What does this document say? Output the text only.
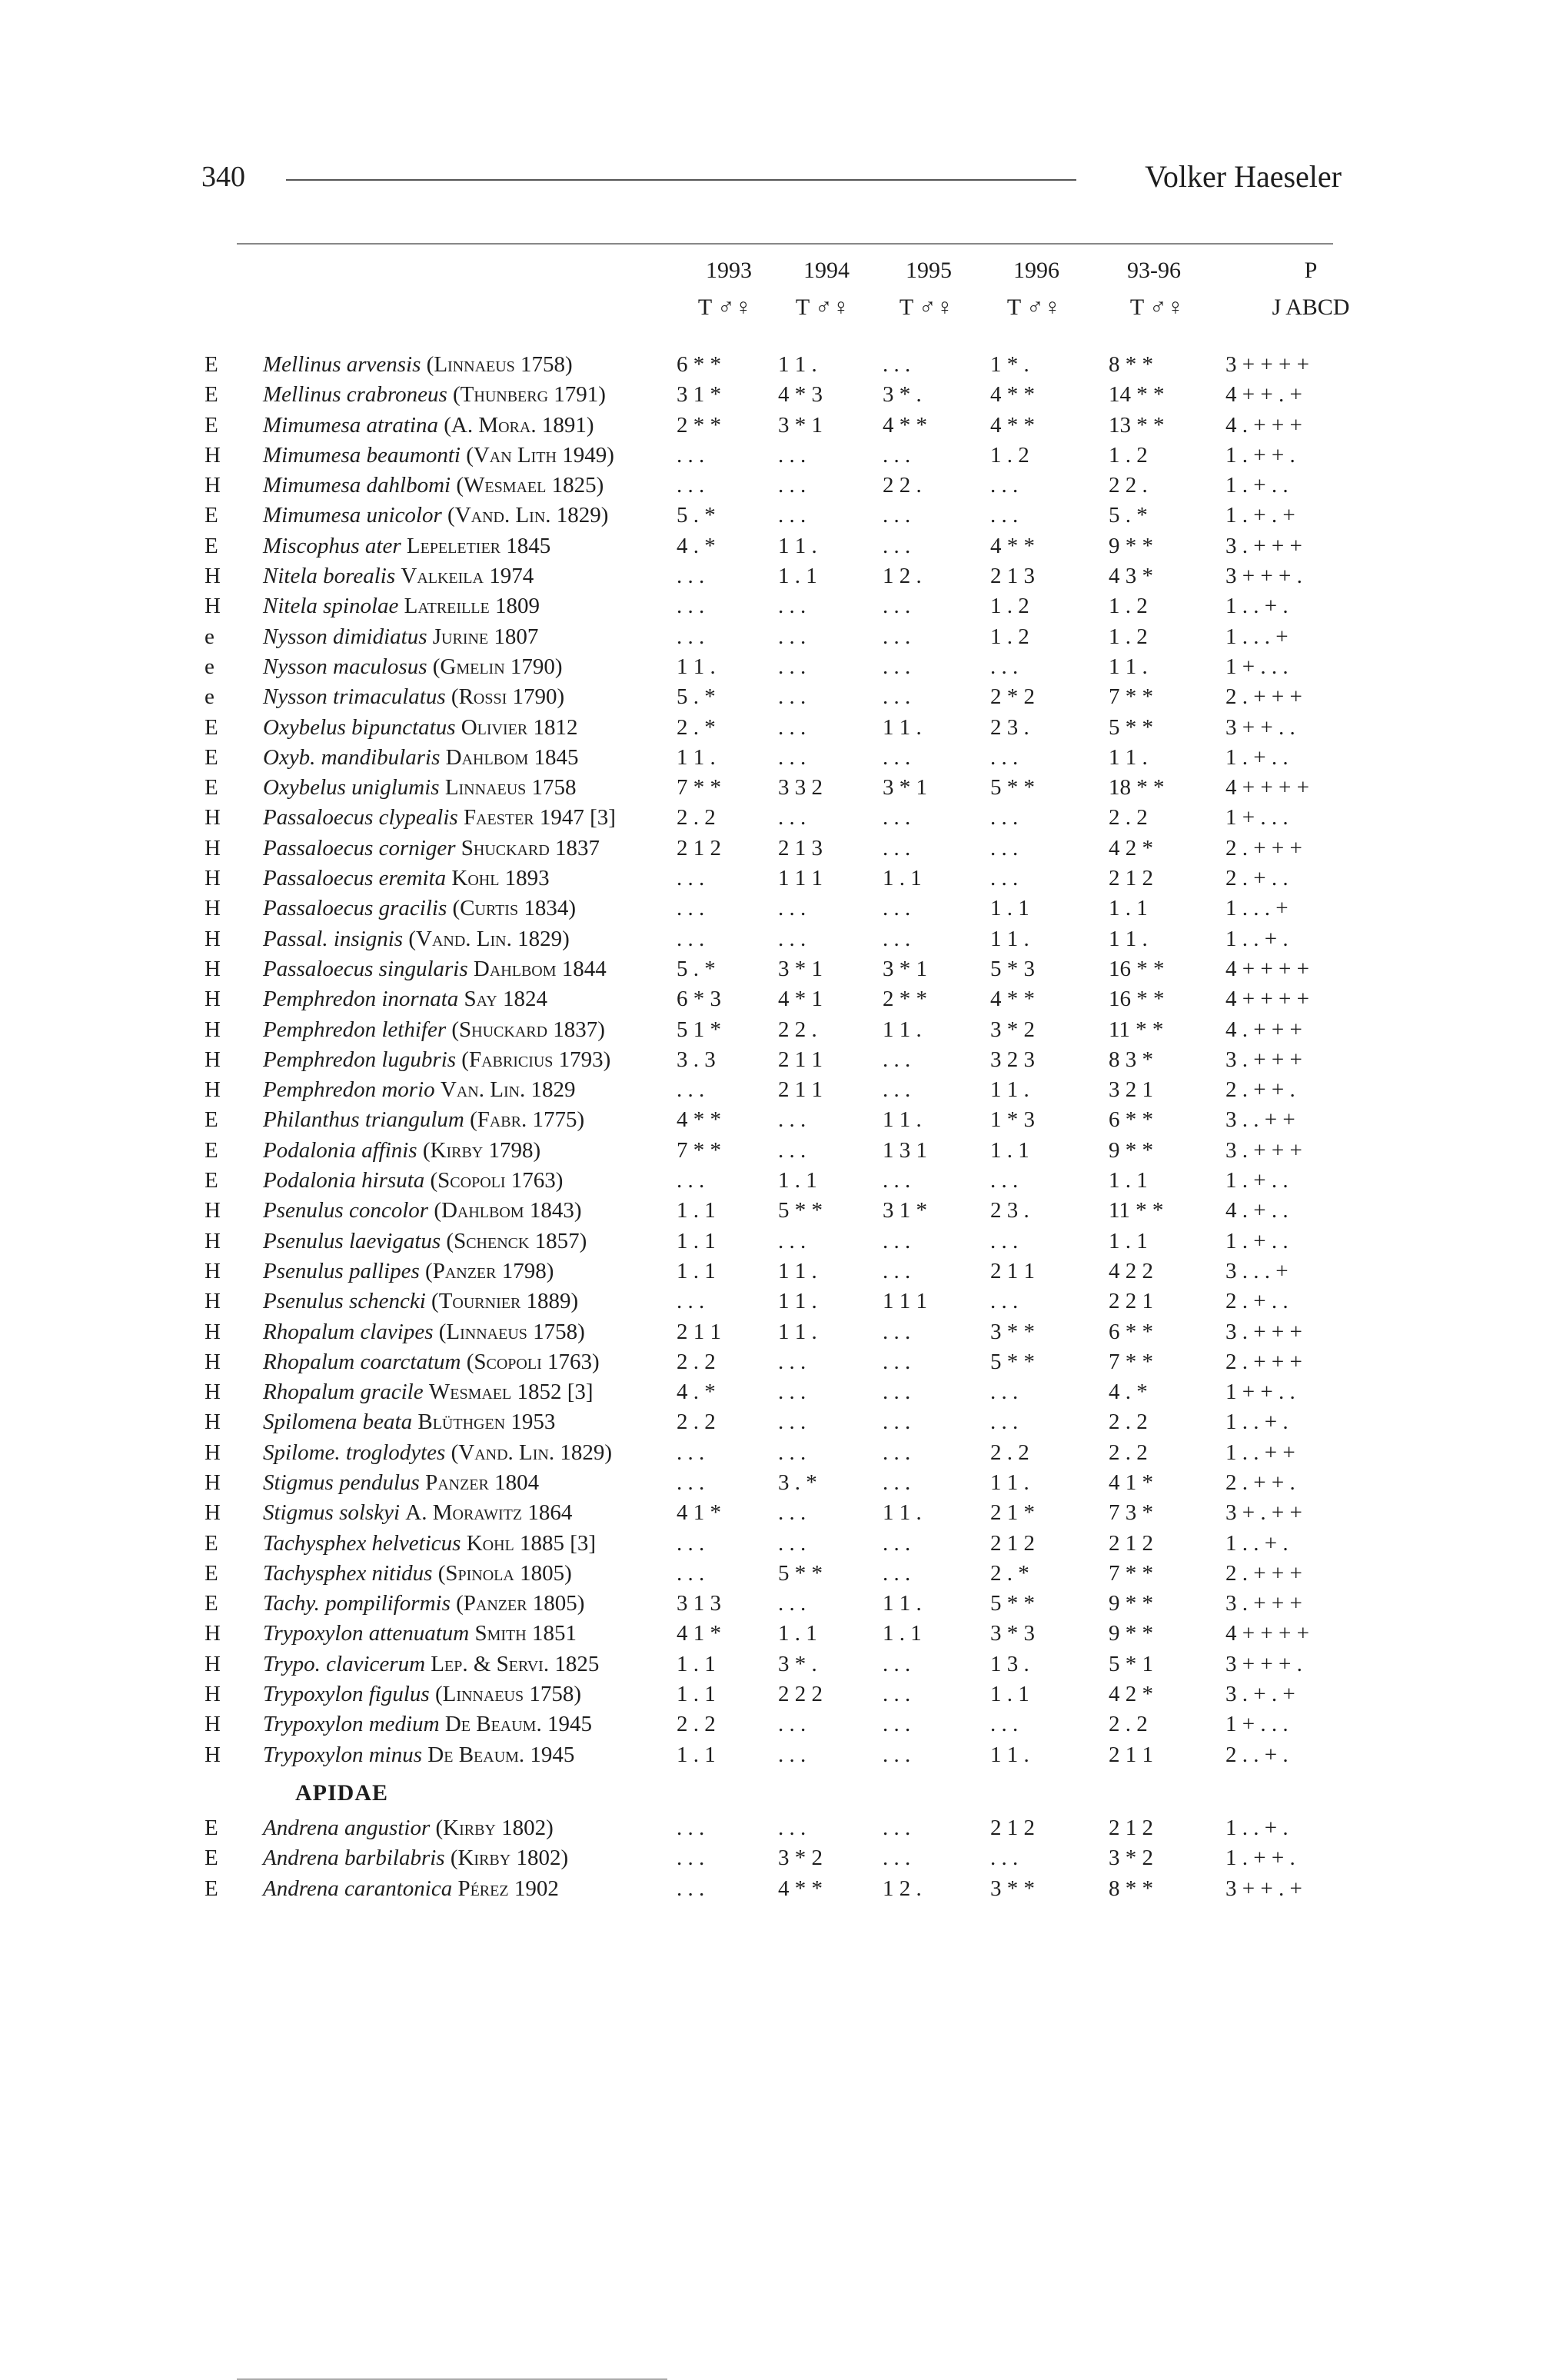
340	Volker Haeseler
1993	1994	1995	1996	93-96	P
T ♂♀	T ♂♀	T ♂♀	T ♂♀	T ♂♀	J ABCD
E Mellinus arvensis (Linnaeus 1758)	6 * *	1 1 .	. . .	1 * .	8 * *	3 + + + +
E Mellinus crabroneus (Thunberg 1791)	3 1 *	4 * 3	3 * .	4 * *	14 * *	4 + + . +
E Mimumesa atratina (A. Mora. 1891)	2 * *	3 * 1	4 * *	4 * *	13 * *	4 . + + +
H Mimumesa beaumonti (Van Lith 1949)	. . .	. . .	. . .	1 . 2	1 . 2	1 . + + .
H Mimumesa dahlbomi (Wesmael 1825)	. . .	. . .	2 2 .	. . .	2 2 .	1 . + . .
E Mimumesa unicolor (Vand. Lin. 1829)	5 . *	. . .	. . .	. . .	5 . *	1 . + . +
E Miscophus ater Lepeletier 1845	4 . *	1 1 .	. . .	4 * *	9 * *	3 . + + +
H Nitela borealis Valkeila 1974	. . .	1 . 1	1 2 .	2 1 3	4 3 *	3 + + + .
H Nitela spinolae Latreille 1809	. . .	. . .	. . .	1 . 2	1 . 2	1 . . + .
e Nysson dimidiatus Jurine 1807	. . .	. . .	. . .	1 . 2	1 . 2	1 . . . +
e Nysson maculosus (Gmelin 1790)	1 1 .	. . .	. . .	. . .	1 1 .	1 + . . .
e Nysson trimaculatus (Rossi 1790)	5 . *	. . .	. . .	2 * 2	7 * *	2 . + + +
E Oxybelus bipunctatus Olivier 1812	2 . *	. . .	1 1 .	2 3 .	5 * *	3 + + . .
E Oxyb. mandibularis Dahlbom 1845	1 1 .	. . .	. . .	. . .	1 1 .	1 . + . .
E Oxybelus uniglumis Linnaeus 1758	7 * *	3 3 2	3 * 1	5 * *	18 * *	4 + + + +
H Passaloecus clypealis Faester 1947 [3]	2 . 2	. . .	. . .	. . .	2 . 2	1 + . . .
H Passaloecus corniger Shuckard 1837	2 1 2	2 1 3	. . .	. . .	4 2 *	2 . + + +
H Passaloecus eremita Kohl 1893	. . .	1 1 1	1 . 1	. . .	2 1 2	2 . + . .
H Passaloecus gracilis (Curtis 1834)	. . .	. . .	. . .	1 . 1	1 . 1	1 . . . +
H Passal. insignis (Vand. Lin. 1829)	. . .	. . .	. . .	1 1 .	1 1 .	1 . . + .
H Passaloecus singularis Dahlbom 1844	5 . *	3 * 1	3 * 1	5 * 3	16 * *	4 + + + +
H Pemphredon inornata Say 1824	6 * 3	4 * 1	2 * *	4 * *	16 * *	4 + + + +
H Pemphredon lethifer (Shuckard 1837)	5 1 *	2 2 .	1 1 .	3 * 2	11 * *	4 . + + +
H Pemphredon lugubris (Fabricius 1793)	3 . 3	2 1 1	. . .	3 2 3	8 3 *	3 . + + +
H Pemphredon morio Van. Lin. 1829	. . .	2 1 1	. . .	1 1 .	3 2 1	2 . + + .
E Philanthus triangulum (Fabr. 1775)	4 * *	. . .	1 1 .	1 * 3	6 * *	3 . . + +
E Podalonia affinis (Kirby 1798)	7 * *	. . .	1 3 1	1 . 1	9 * *	3 . + + +
E Podalonia hirsuta (Scopoli 1763)	. . .	1 . 1	. . .	. . .	1 . 1	1 . + . .
H Psenulus concolor (Dahlbom 1843)	1 . 1	5 * *	3 1 *	2 3 .	11 * *	4 . + . .
H Psenulus laevigatus (Schenck 1857)	1 . 1	. . .	. . .	. . .	1 . 1	1 . + . .
H Psenulus pallipes (Panzer 1798)	1 . 1	1 1 .	. . .	2 1 1	4 2 2	3 . . . +
H Psenulus schencki (Tournier 1889)	. . .	1 1 .	1 1 1	. . .	2 2 1	2 . + . .
H Rhopalum clavipes (Linnaeus 1758)	2 1 1	1 1 .	. . .	3 * *	6 * *	3 . + + +
H Rhopalum coarctatum (Scopoli 1763)	2 . 2	. . .	. . .	5 * *	7 * *	2 . + + +
H Rhopalum gracile Wesmael 1852 [3]	4 . *	. . .	. . .	. . .	4 . *	1 + + . .
H Spilomena beata Blüthgen 1953	2 . 2	. . .	. . .	. . .	2 . 2	1 . . + .
H Spilome. troglodytes (Vand. Lin. 1829)	. . .	. . .	. . .	2 . 2	2 . 2	1 . . + +
H Stigmus pendulus Panzer 1804	. . .	3 . *	. . .	1 1 .	4 1 *	2 . + + .
H Stigmus solskyi A. Morawitz 1864	4 1 *	. . .	1 1 .	2 1 *	7 3 *	3 + . + +
E Tachysphex helveticus Kohl 1885 [3]	. . .	. . .	. . .	2 1 2	2 1 2	1 . . + .
E Tachysphex nitidus (Spinola 1805)	. . .	5 * *	. . .	2 . *	7 * *	2 . + + +
E Tachy. pompiliformis (Panzer 1805)	3 1 3	. . .	1 1 .	5 * *	9 * *	3 . + + +
H Trypoxylon attenuatum Smith 1851	4 1 *	1 . 1	1 . 1	3 * 3	9 * *	4 + + + +
H Trypo. clavicerum Lep. & Servi. 1825	1 . 1	3 * .	. . .	1 3 .	5 * 1	3 + + + .
H Trypoxylon figulus (Linnaeus 1758)	1 . 1	2 2 2	. . .	1 . 1	4 2 *	3 . + . +
H Trypoxylon medium De Beaum. 1945	2 . 2	. . .	. . .	. . .	2 . 2	1 + . . .
H Trypoxylon minus De Beaum. 1945	1 . 1	. . .	. . .	1 1 .	2 1 1	2 . . + .
APIDAE
E Andrena angustior (Kirby 1802)	. . .	. . .	. . .	2 1 2	2 1 2	1 . . + .
E Andrena barbilabris (Kirby 1802)	. . .	3 * 2	. . .	. . .	3 * 2	1 . + + .
E Andrena carantonica Pérez 1902	. . .	4 * *	1 2 .	3 * *	8 * *	3 + + . +
